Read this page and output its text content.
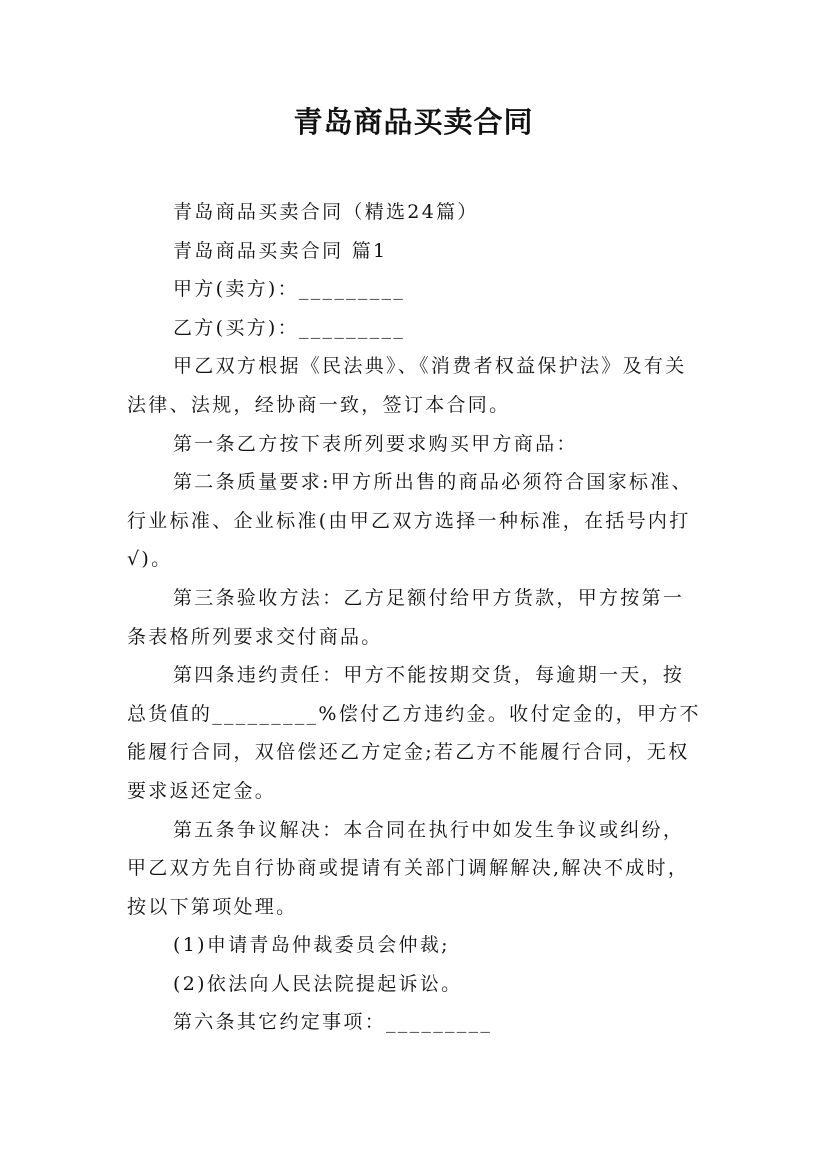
青岛商品买卖合同

青岛商品买卖合同（精选24篇）

青岛商品买卖合同 篇1

甲方(卖方)：_________

乙方(买方)：_________

甲乙双方根据《民法典》、《消费者权益保护法》及有关法律、法规，经协商一致，签订本合同。

第一条乙方按下表所列要求购买甲方商品：

第二条质量要求:甲方所出售的商品必须符合国家标准、行业标准、企业标准(由甲乙双方选择一种标准，在括号内打√)。

第三条验收方法：乙方足额付给甲方货款，甲方按第一条表格所列要求交付商品。

第四条违约责任：甲方不能按期交货，每逾期一天，按总货值的_________%偿付乙方违约金。收付定金的，甲方不能履行合同，双倍偿还乙方定金;若乙方不能履行合同，无权要求返还定金。

第五条争议解决：本合同在执行中如发生争议或纠纷，甲乙双方先自行协商或提请有关部门调解解决,解决不成时，按以下第项处理。

(1)申请青岛仲裁委员会仲裁;

(2)依法向人民法院提起诉讼。

第六条其它约定事项：_________
